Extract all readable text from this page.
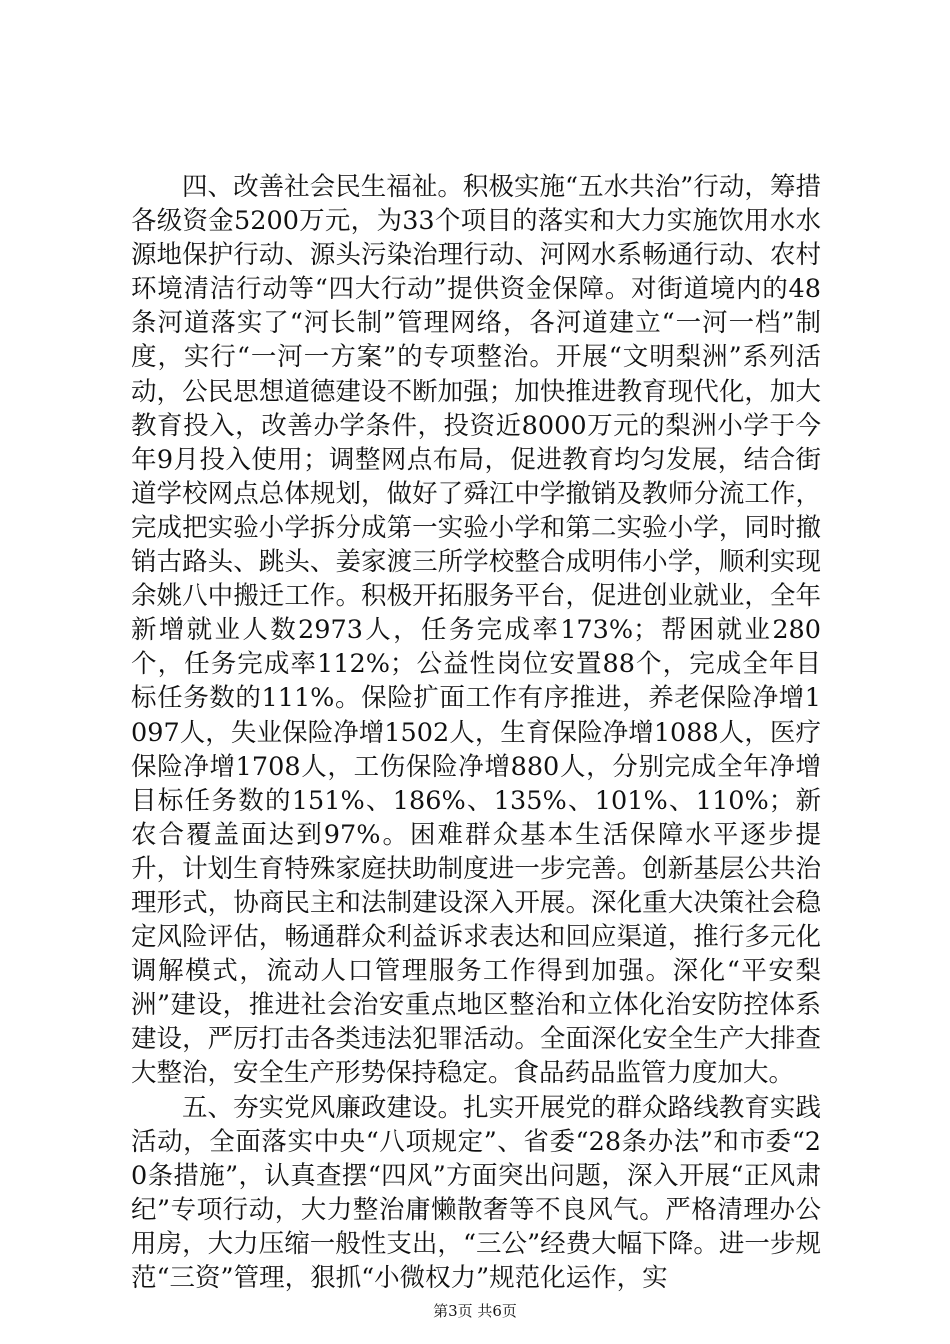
四、改善社会民生福祉。积极实施“五水共治”行动，筹措各级资金5200万元，为33个项目的落实和大力实施饮用水水源地保护行动、源头污染治理行动、河网水系畅通行动、农村环境清洁行动等“四大行动”提供资金保障。对街道境内的48条河道落实了“河长制”管理网络，各河道建立“一河一档”制度，实行“一河一方案”的专项整治。开展“文明梨洲”系列活动，公民思想道德建设不断加强；加快推进教育现代化，加大教育投入，改善办学条件，投资近8000万元的梨洲小学于今年9月投入使用；调整网点布局，促进教育均匀发展，结合街道学校网点总体规划，做好了舜江中学撤销及教师分流工作，完成把实验小学拆分成第一实验小学和第二实验小学，同时撤销古路头、跳头、姜家渡三所学校整合成明伟小学，顺利实现余姚八中搬迁工作。积极开拓服务平台，促进创业就业，全年新增就业人数2973人，任务完成率173%；帮困就业280个，任务完成率112%；公益性岗位安置88个，完成全年目标任务数的111%。保险扩面工作有序推进，养老保险净增1097人，失业保险净增1502人，生育保险净增1088人，医疗保险净增1708人，工伤保险净增880人，分别完成全年净增目标任务数的151%、186%、135%、101%、110%；新农合覆盖面达到97%。困难群众基本生活保障水平逐步提升，计划生育特殊家庭扶助制度进一步完善。创新基层公共治理形式，协商民主和法制建设深入开展。深化重大决策社会稳定风险评估，畅通群众利益诉求表达和回应渠道，推行多元化调解模式，流动人口管理服务工作得到加强。深化“平安梨洲”建设，推进社会治安重点地区整治和立体化治安防控体系建设，严厉打击各类违法犯罪活动。全面深化安全生产大排查大整治，安全生产形势保持稳定。食品药品监管力度加大。

五、夯实党风廉政建设。扎实开展党的群众路线教育实践活动，全面落实中央“八项规定”、省委“28条办法”和市委“20条措施”，认真查摆“四风”方面突出问题，深入开展“正风肃纪”专项行动，大力整治庸懒散奢等不良风气。严格清理办公用房，大力压缩一般性支出，“三公”经费大幅下降。进一步规范“三资”管理，狠抓“小微权力”规范化运作，实

第3页 共6页
